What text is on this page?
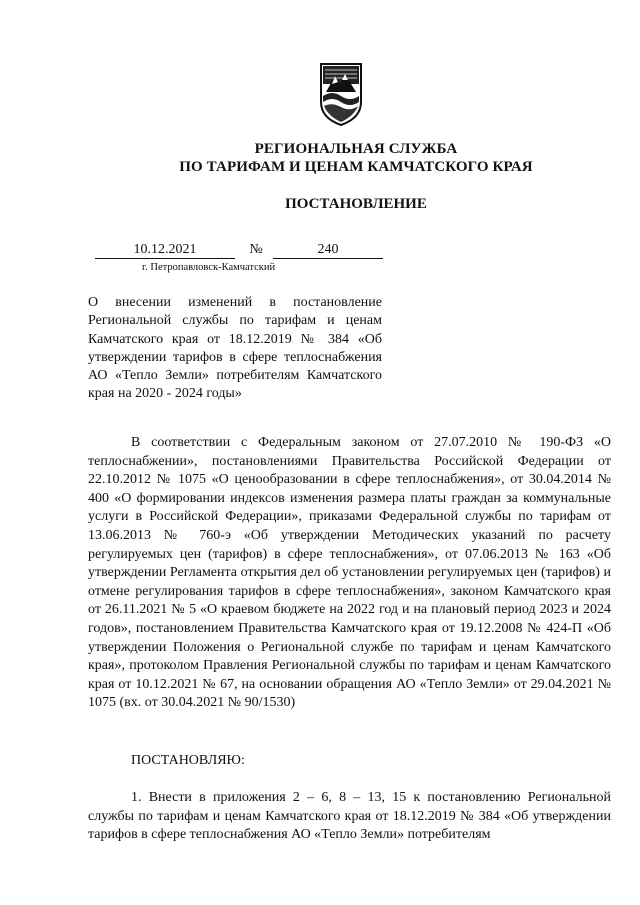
РЕГИОНАЛЬНАЯ СЛУЖБА
ПО ТАРИФАМ И ЦЕНАМ КАМЧАТСКОГО КРАЯ
ПОСТАНОВЛЕНИЕ
10.12.2021	№	240
г. Петропавловск-Камчатский
О внесении изменений в постановление Региональной службы по тарифам и ценам Камчатского края от 18.12.2019 № 384 «Об утверждении тарифов в сфере теплоснабжения АО «Тепло Земли» потребителям Камчатского края на 2020 - 2024 годы»
В соответствии с Федеральным законом от 27.07.2010 № 190-ФЗ «О теплоснабжении», постановлениями Правительства Российской Федерации от 22.10.2012 № 1075 «О ценообразовании в сфере теплоснабжения», от 30.04.2014 № 400 «О формировании индексов изменения размера платы граждан за коммунальные услуги в Российской Федерации», приказами Федеральной службы по тарифам от 13.06.2013 № 760-э «Об утверждении Методических указаний по расчету регулируемых цен (тарифов) в сфере теплоснабжения», от 07.06.2013 № 163 «Об утверждении Регламента открытия дел об установлении регулируемых цен (тарифов) и отмене регулирования тарифов в сфере теплоснабжения», законом Камчатского края от 26.11.2021 № 5 «О краевом бюджете на 2022 год и на плановый период 2023 и 2024 годов», постановлением Правительства Камчатского края от 19.12.2008 № 424-П «Об утверждении Положения о Региональной службе по тарифам и ценам Камчатского края», протоколом Правления Региональной службы по тарифам и ценам Камчатского края от 10.12.2021 № 67, на основании обращения АО «Тепло Земли» от 29.04.2021 № 1075 (вх. от 30.04.2021 № 90/1530)
ПОСТАНОВЛЯЮ:
1. Внести в приложения 2 – 6, 8 – 13, 15 к постановлению Региональной службы по тарифам и ценам Камчатского края от 18.12.2019 № 384 «Об утверждении тарифов в сфере теплоснабжения АО «Тепло Земли» потребителям
